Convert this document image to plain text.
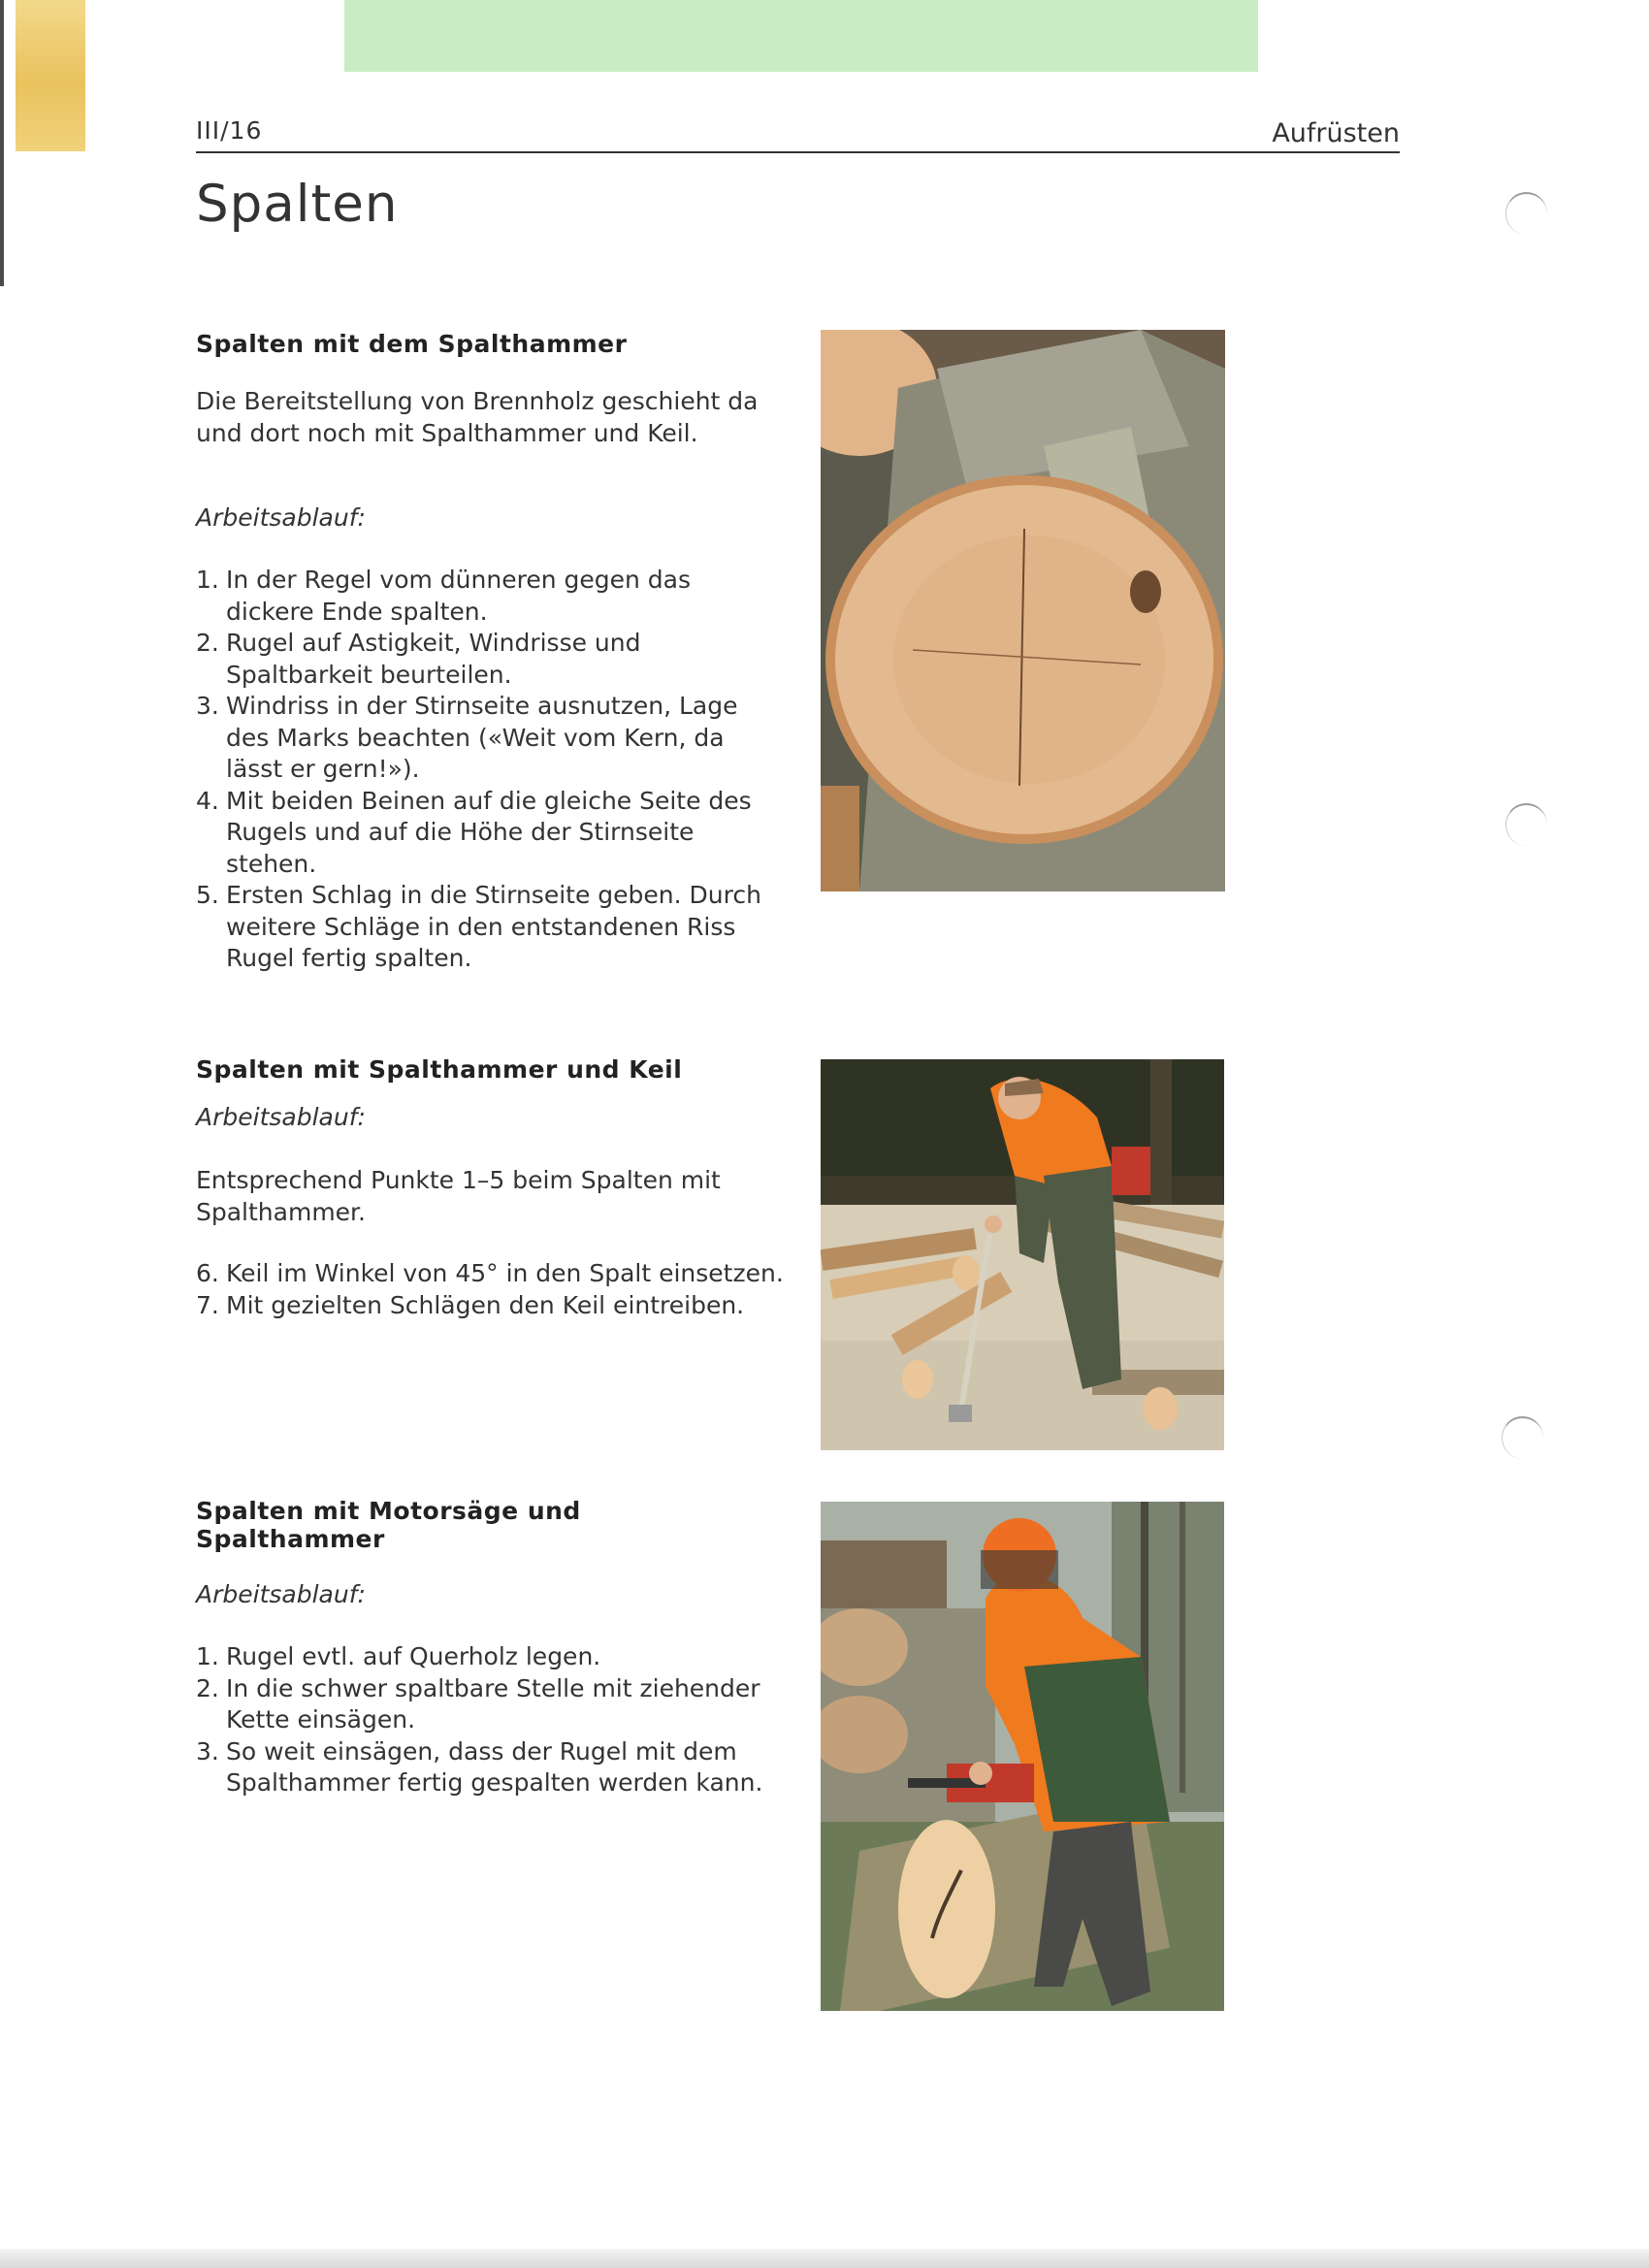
III/16	Aufrüsten
Spalten
Spalten mit dem Spalthammer

Die Bereitstellung von Brennholz geschieht da
und dort noch mit Spalthammer und Keil.

Arbeitsablauf:

1. In der Regel vom dünneren gegen das dickere Ende spalten.
2. Rugel auf Astigkeit, Windrisse und Spaltbarkeit beurteilen.
3. Windriss in der Stirnseite ausnutzen, Lage des Marks beachten («Weit vom Kern, da lässt er gern!»).
4. Mit beiden Beinen auf die gleiche Seite des Rugels und auf die Höhe der Stirnseite stehen.
5. Ersten Schlag in die Stirnseite geben. Durch weitere Schläge in den entstandenen Riss Rugel fertig spalten.
Spalten mit Spalthammer und Keil

Arbeitsablauf:

Entsprechend Punkte 1–5 beim Spalten mit
Spalthammer.

6. Keil im Winkel von 45° in den Spalt einsetzen.
7. Mit gezielten Schlägen den Keil eintreiben.
Spalten mit Motorsäge und Spalthammer

Arbeitsablauf:

1. Rugel evtl. auf Querholz legen.
2. In die schwer spaltbare Stelle mit ziehender Kette einsägen.
3. So weit einsägen, dass der Rugel mit dem Spalthammer fertig gespalten werden kann.
